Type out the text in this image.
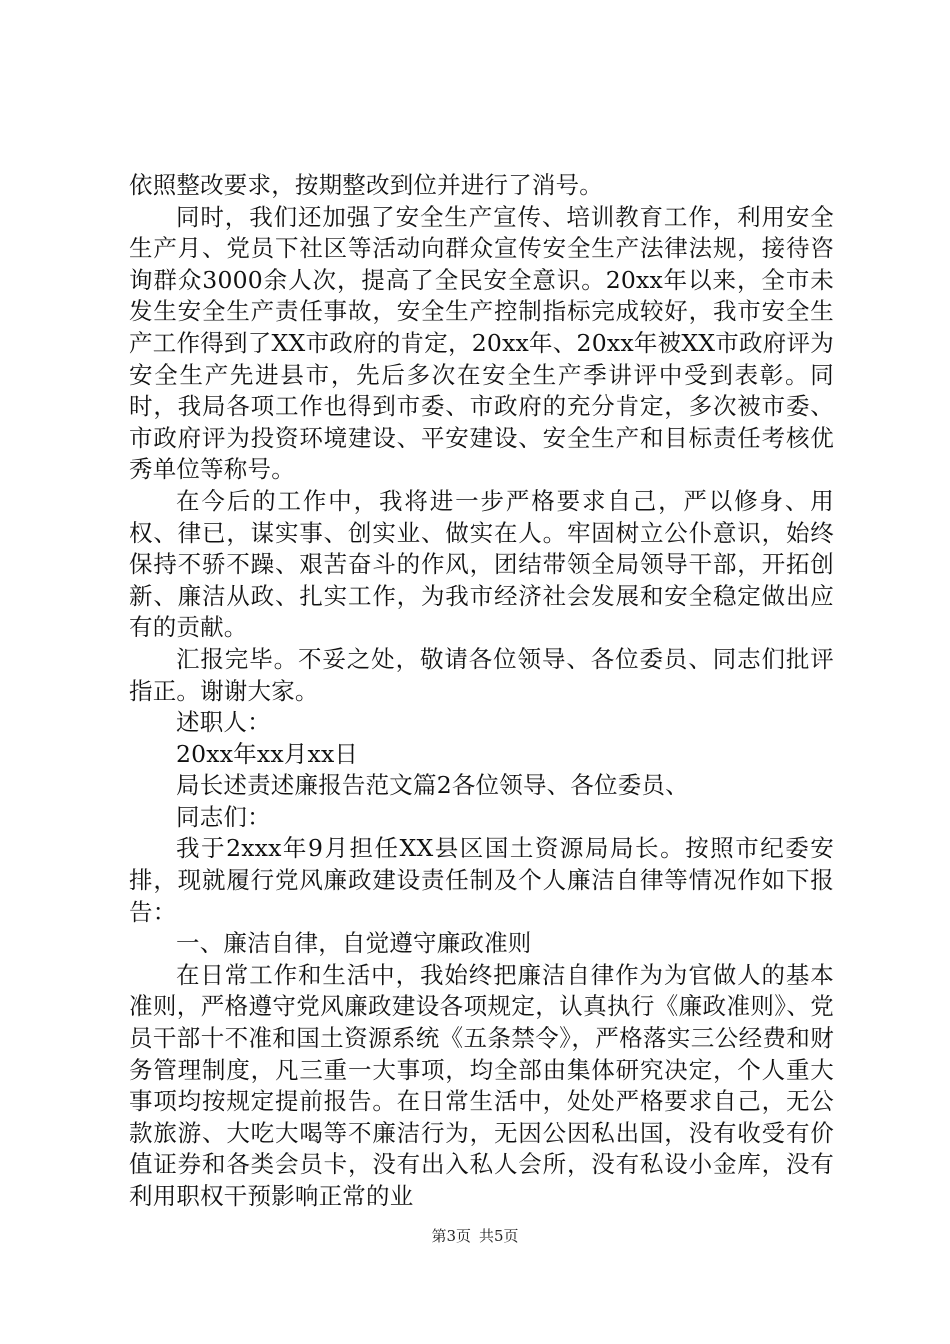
依照整改要求，按期整改到位并进行了消号。

同时，我们还加强了安全生产宣传、培训教育工作，利用安全生产月、党员下社区等活动向群众宣传安全生产法律法规，接待咨询群众3000余人次，提高了全民安全意识。20xx年以来，全市未发生安全生产责任事故，安全生产控制指标完成较好，我市安全生产工作得到了XX市政府的肯定，20xx年、20xx年被XX市政府评为安全生产先进县市，先后多次在安全生产季讲评中受到表彰。同时，我局各项工作也得到市委、市政府的充分肯定，多次被市委、市政府评为投资环境建设、平安建设、安全生产和目标责任考核优秀单位等称号。

在今后的工作中，我将进一步严格要求自己，严以修身、用权、律已，谋实事、创实业、做实在人。牢固树立公仆意识，始终保持不骄不躁、艰苦奋斗的作风，团结带领全局领导干部，开拓创新、廉洁从政、扎实工作，为我市经济社会发展和安全稳定做出应有的贡献。

汇报完毕。不妥之处，敬请各位领导、各位委员、同志们批评指正。谢谢大家。

述职人：

20xx年xx月xx日

局长述责述廉报告范文篇2各位领导、各位委员、

同志们：

我于2xxx年9月担任XX县区国土资源局局长。按照市纪委安排，现就履行党风廉政建设责任制及个人廉洁自律等情况作如下报告：

一、廉洁自律，自觉遵守廉政准则

在日常工作和生活中，我始终把廉洁自律作为为官做人的基本准则，严格遵守党风廉政建设各项规定，认真执行《廉政准则》、党员干部十不准和国土资源系统《五条禁令》，严格落实三公经费和财务管理制度，凡三重一大事项，均全部由集体研究决定，个人重大事项均按规定提前报告。在日常生活中，处处严格要求自己，无公款旅游、大吃大喝等不廉洁行为，无因公因私出国，没有收受有价值证券和各类会员卡，没有出入私人会所，没有私设小金库，没有利用职权干预影响正常的业

第3页 共5页
